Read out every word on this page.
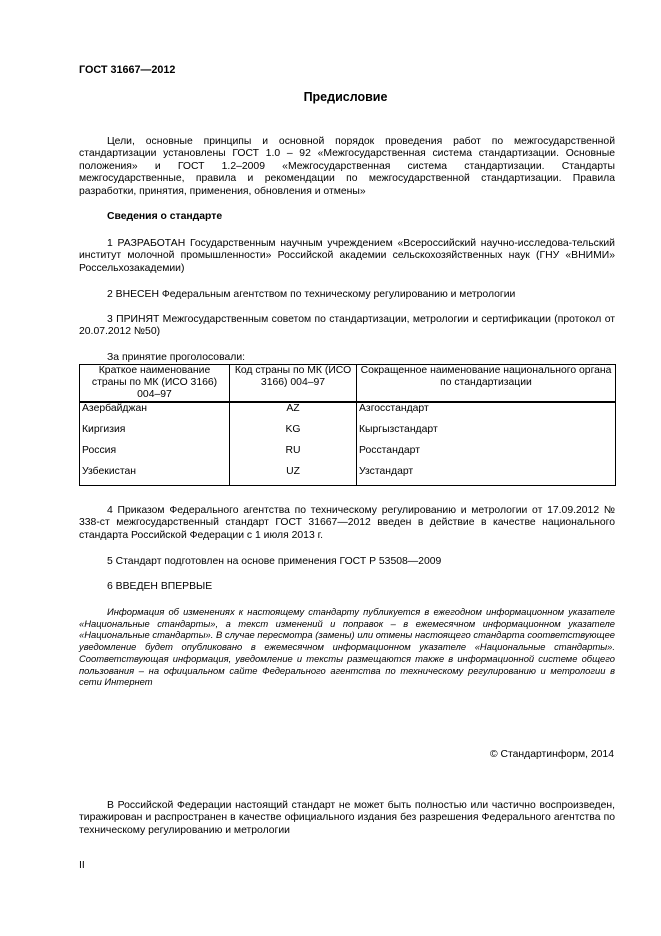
ГОСТ 31667—2012
Предисловие

Цели, основные принципы и основной порядок проведения работ по межгосударственной стандартизации установлены ГОСТ 1.0 – 92 «Межгосударственная система стандартизации. Основные положения» и ГОСТ 1.2–2009 «Межгосударственная система стандартизации. Стандарты межгосударственные, правила и рекомендации по межгосударственной стандартизации. Правила разработки, принятия, применения, обновления и отмены»

Сведения о стандарте

1 РАЗРАБОТАН Государственным научным учреждением «Всероссийский научно-исследова-тельский институт молочной промышленности» Российской академии сельскохозяйственных наук (ГНУ «ВНИМИ» Россельхозакадемии)

2 ВНЕСЕН Федеральным агентством по техническому регулированию и метрологии

3 ПРИНЯТ Межгосударственным советом по стандартизации, метрологии и сертификации (протокол от 20.07.2012 №50)

За принятие проголосовали:

Краткое наименование страны по МК (ИСО 3166) 004–97	Код страны по МК (ИСО 3166) 004–97	Сокращенное наименование национального органа по стандартизации
Азербайджан	AZ	Азгосстандарт
Киргизия	KG	Кыргызстандарт
Россия	RU	Росстандарт
Узбекистан	UZ	Узстандарт

4 Приказом Федерального агентства по техническому регулированию и метрологии от 17.09.2012 № 338-ст межгосударственный стандарт ГОСТ 31667—2012 введен в действие в качестве национального стандарта Российской Федерации с 1 июля 2013 г.

5 Стандарт подготовлен на основе применения ГОСТ Р 53508—2009

6 ВВЕДЕН ВПЕРВЫЕ

Информация об изменениях к настоящему стандарту публикуется в ежегодном информационном указателе «Национальные стандарты», а текст изменений и поправок – в ежемесячном информационном указателе «Национальные стандарты». В случае пересмотра (замены) или отмены настоящего стандарта соответствующее уведомление будет опубликовано в ежемесячном информационном указателе «Национальные стандарты». Соответствующая информация, уведомление и тексты размещаются также в информационной системе общего пользования – на официальном сайте Федерального агентства по техническому регулированию и метрологии в сети Интернет

© Стандартинформ, 2014

В Российской Федерации настоящий стандарт не может быть полностью или частично воспроизведен, тиражирован и распространен в качестве официального издания без разрешения Федерального агентства по техническому регулированию и метрологии

II
